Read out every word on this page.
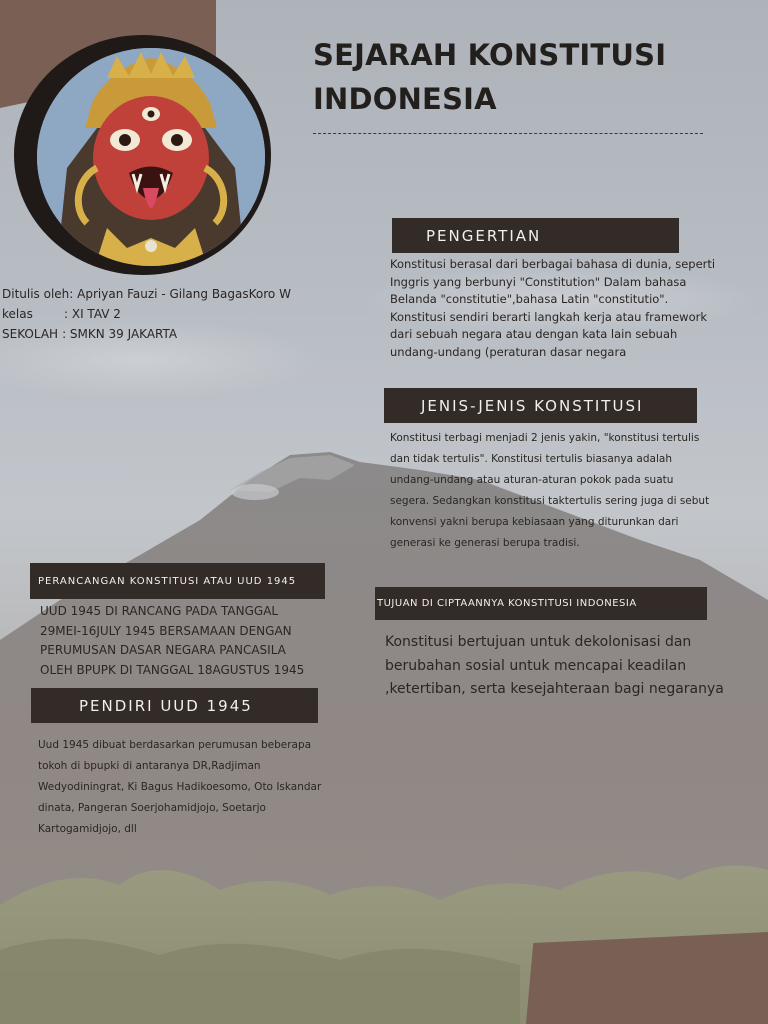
SEJARAH KONSTITUSI
INDONESIA
Ditulis oleh: Apriyan Fauzi - Gilang BagasKoro W
kelas	: XI TAV 2
SEKOLAH : SMKN 39 JAKARTA
PENGERTIAN
Konstitusi berasal dari berbagai bahasa di dunia, seperti Inggris yang berbunyi "Constitution" Dalam bahasa Belanda "constitutie",bahasa Latin "constitutio". Konstitusi sendiri berarti langkah kerja atau framework dari sebuah negara atau dengan kata lain sebuah undang-undang (peraturan dasar negara
JENIS-JENIS KONSTITUSI
Konstitusi terbagi menjadi 2 jenis yakin, "konstitusi tertulis dan tidak tertulis". Konstitusi tertulis biasanya adalah undang-undang atau aturan-aturan pokok pada suatu segera. Sedangkan konstitusi taktertulis sering juga di sebut konvensi yakni berupa kebiasaan yang diturunkan dari generasi ke generasi berupa tradisi.
PERANCANGAN KONSTITUSI ATAU UUD 1945
UUD 1945 DI RANCANG PADA TANGGAL 29MEI-16JULY 1945 BERSAMAAN DENGAN PERUMUSAN DASAR NEGARA PANCASILA OLEH BPUPK DI TANGGAL 18AGUSTUS 1945
TUJUAN DI CIPTAANNYA KONSTITUSI INDONESIA
Konstitusi bertujuan untuk dekolonisasi dan berubahan sosial untuk mencapai keadilan ,ketertiban, serta kesejahteraan bagi negaranya
PENDIRI UUD 1945
Uud 1945 dibuat berdasarkan perumusan beberapa tokoh di bpupki di antaranya DR,Radjiman Wedyodiningrat, Ki Bagus Hadikoesomo, Oto Iskandar dinata, Pangeran Soerjohamidjojo, Soetarjo Kartogamidjojo, dll
